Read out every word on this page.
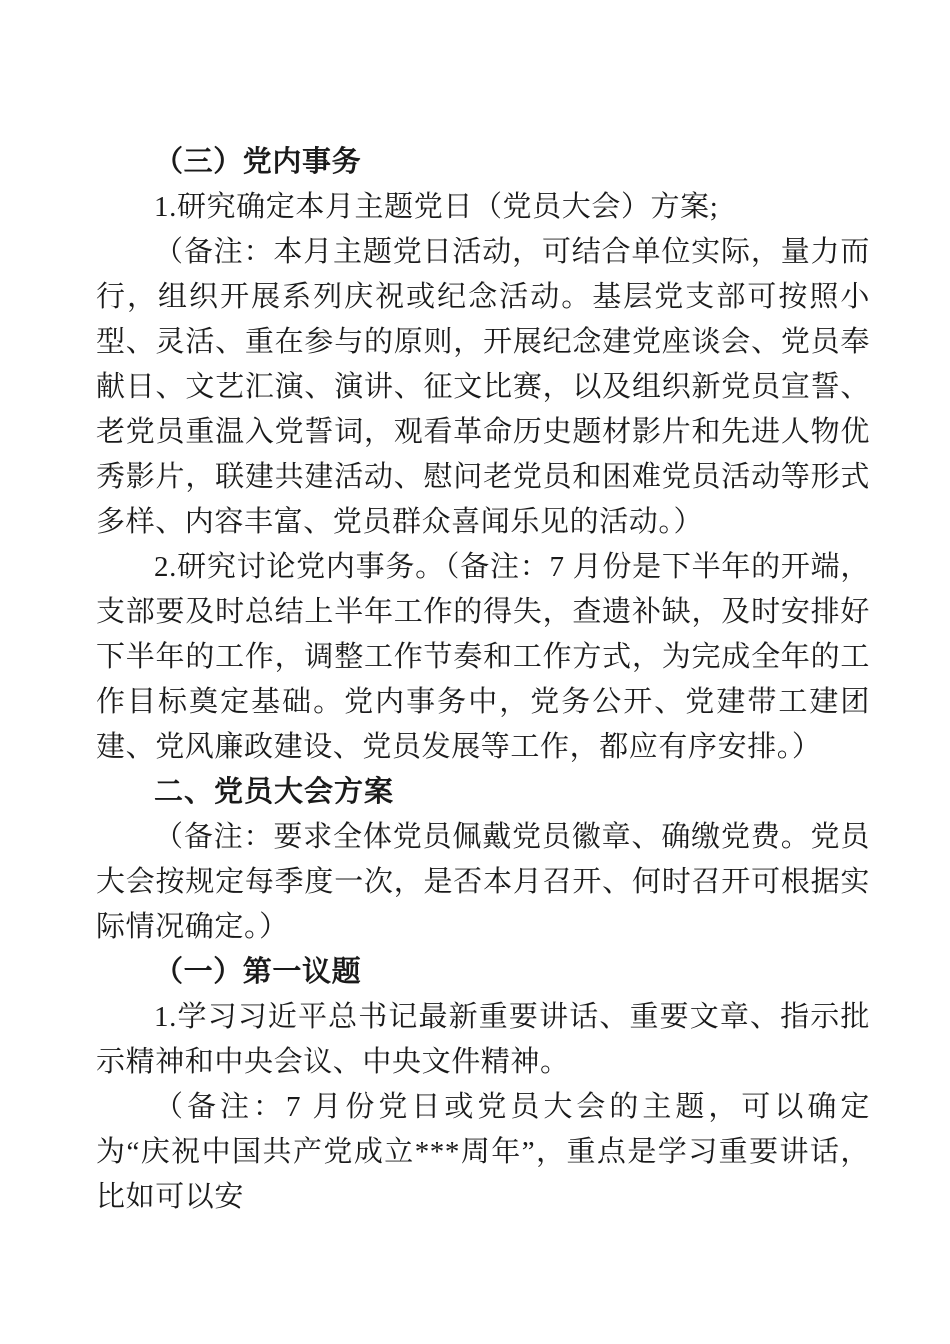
（三）党内事务

1.研究确定本月主题党日（党员大会）方案;

（备注：本月主题党日活动，可结合单位实际，量力而行，组织开展系列庆祝或纪念活动。基层党支部可按照小型、灵活、重在参与的原则，开展纪念建党座谈会、党员奉献日、文艺汇演、演讲、征文比赛，以及组织新党员宣誓、老党员重温入党誓词，观看革命历史题材影片和先进人物优秀影片，联建共建活动、慰问老党员和困难党员活动等形式多样、内容丰富、党员群众喜闻乐见的活动。）

2.研究讨论党内事务。（备注：7 月份是下半年的开端，支部要及时总结上半年工作的得失，查遗补缺，及时安排好下半年的工作，调整工作节奏和工作方式，为完成全年的工作目标奠定基础。党内事务中，党务公开、党建带工建团建、党风廉政建设、党员发展等工作，都应有序安排。）

二、党员大会方案

（备注：要求全体党员佩戴党员徽章、确缴党费。党员大会按规定每季度一次，是否本月召开、何时召开可根据实际情况确定。）

（一）第一议题

1.学习习近平总书记最新重要讲话、重要文章、指示批示精神和中央会议、中央文件精神。

（备注：7 月份党日或党员大会的主题，可以确定为“庆祝中国共产党成立***周年”，重点是学习重要讲话，比如可以安
